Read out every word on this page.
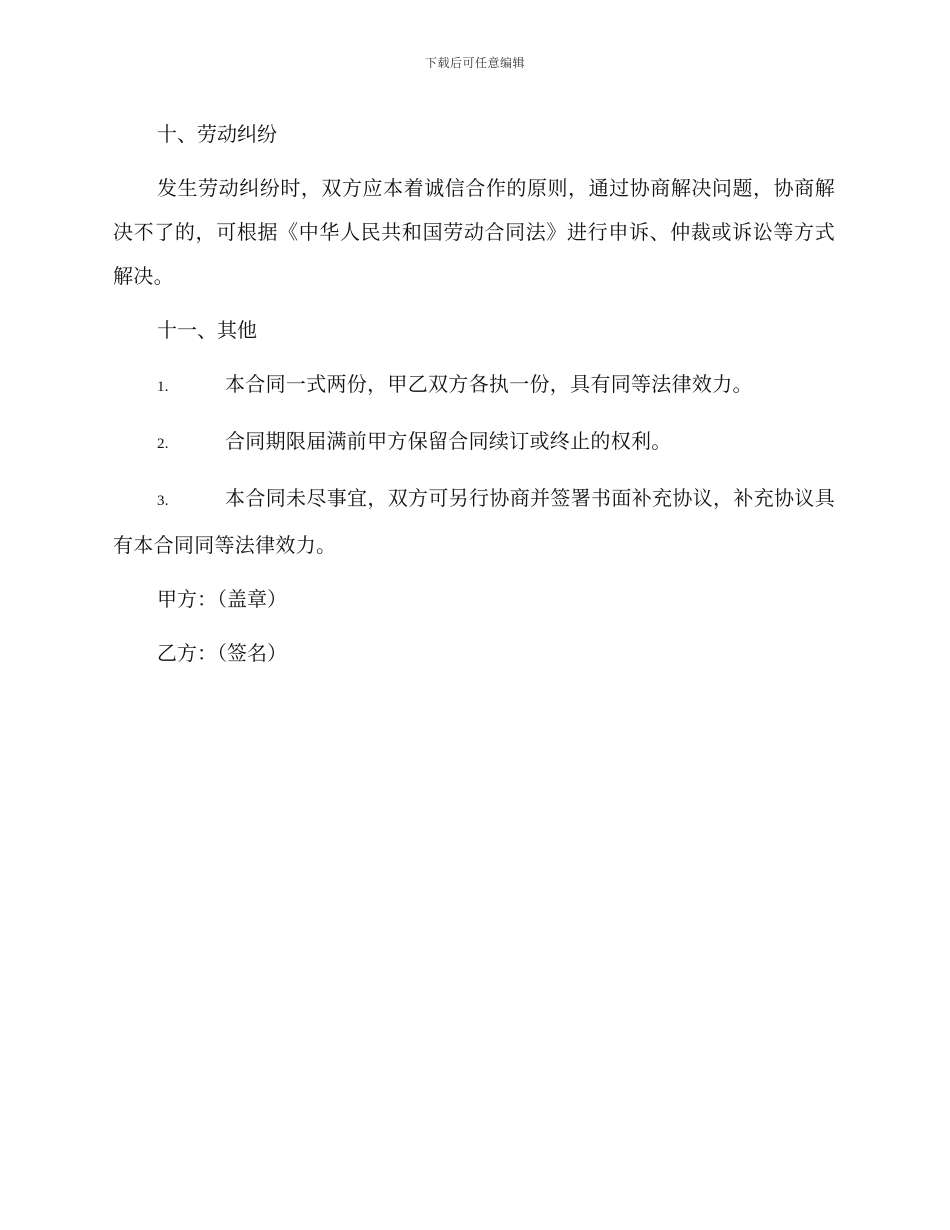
下载后可任意编辑
十、劳动纠纷
发生劳动纠纷时，双方应本着诚信合作的原则，通过协商解决问题，协商解决不了的，可根据《中华人民共和国劳动合同法》进行申诉、仲裁或诉讼等方式解决。
十一、其他
1.	本合同一式两份，甲乙双方各执一份，具有同等法律效力。
2.	合同期限届满前甲方保留合同续订或终止的权利。
3.	本合同未尽事宜，双方可另行协商并签署书面补充协议，补充协议具有本合同同等法律效力。
甲方：（盖章）
乙方：（签名）
